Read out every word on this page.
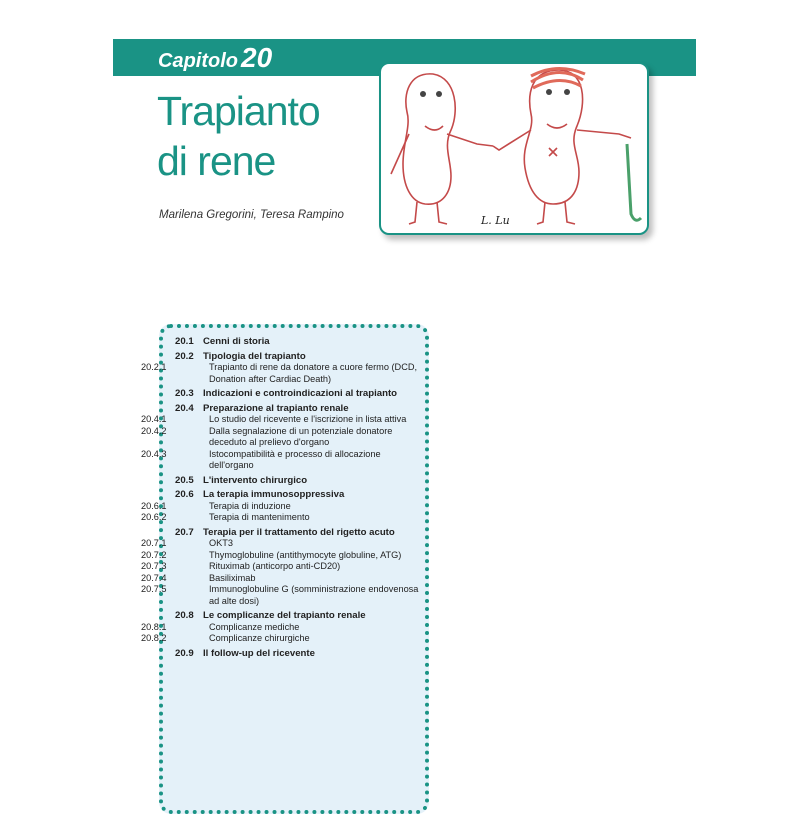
Capitolo 20
Trapianto
di rene
Marilena Gregorini, Teresa Rampino	L. Lu
20.1 Cenni di storia
20.2 Tipologia del trapianto
20.2.1	Trapianto di rene da donatore a cuore fermo (DCD, Donation after Cardiac Death)
20.3 Indicazioni e controindicazioni al trapianto
20.4 Preparazione al trapianto renale
20.4.1	Lo studio del ricevente e l'iscrizione in lista attiva
20.4.2	Dalla segnalazione di un potenziale donatore deceduto al prelievo d'organo
20.4.3	Istocompatibilità e processo di allocazione dell'organo
20.5 L'intervento chirurgico
20.6 La terapia immunosoppressiva
20.6.1	Terapia di induzione
20.6.2	Terapia di mantenimento
20.7 Terapia per il trattamento del rigetto acuto
20.7.1	OKT3
20.7.2	Thymoglobuline (antithymocyte globuline, ATG)
20.7.3	Rituximab (anticorpo anti-CD20)
20.7.4	Basiliximab
20.7.5	Immunoglobuline G (somministrazione endovenosa ad alte dosi)
20.8 Le complicanze del trapianto renale
20.8.1	Complicanze mediche
20.8.2	Complicanze chirurgiche
20.9 Il follow-up del ricevente
